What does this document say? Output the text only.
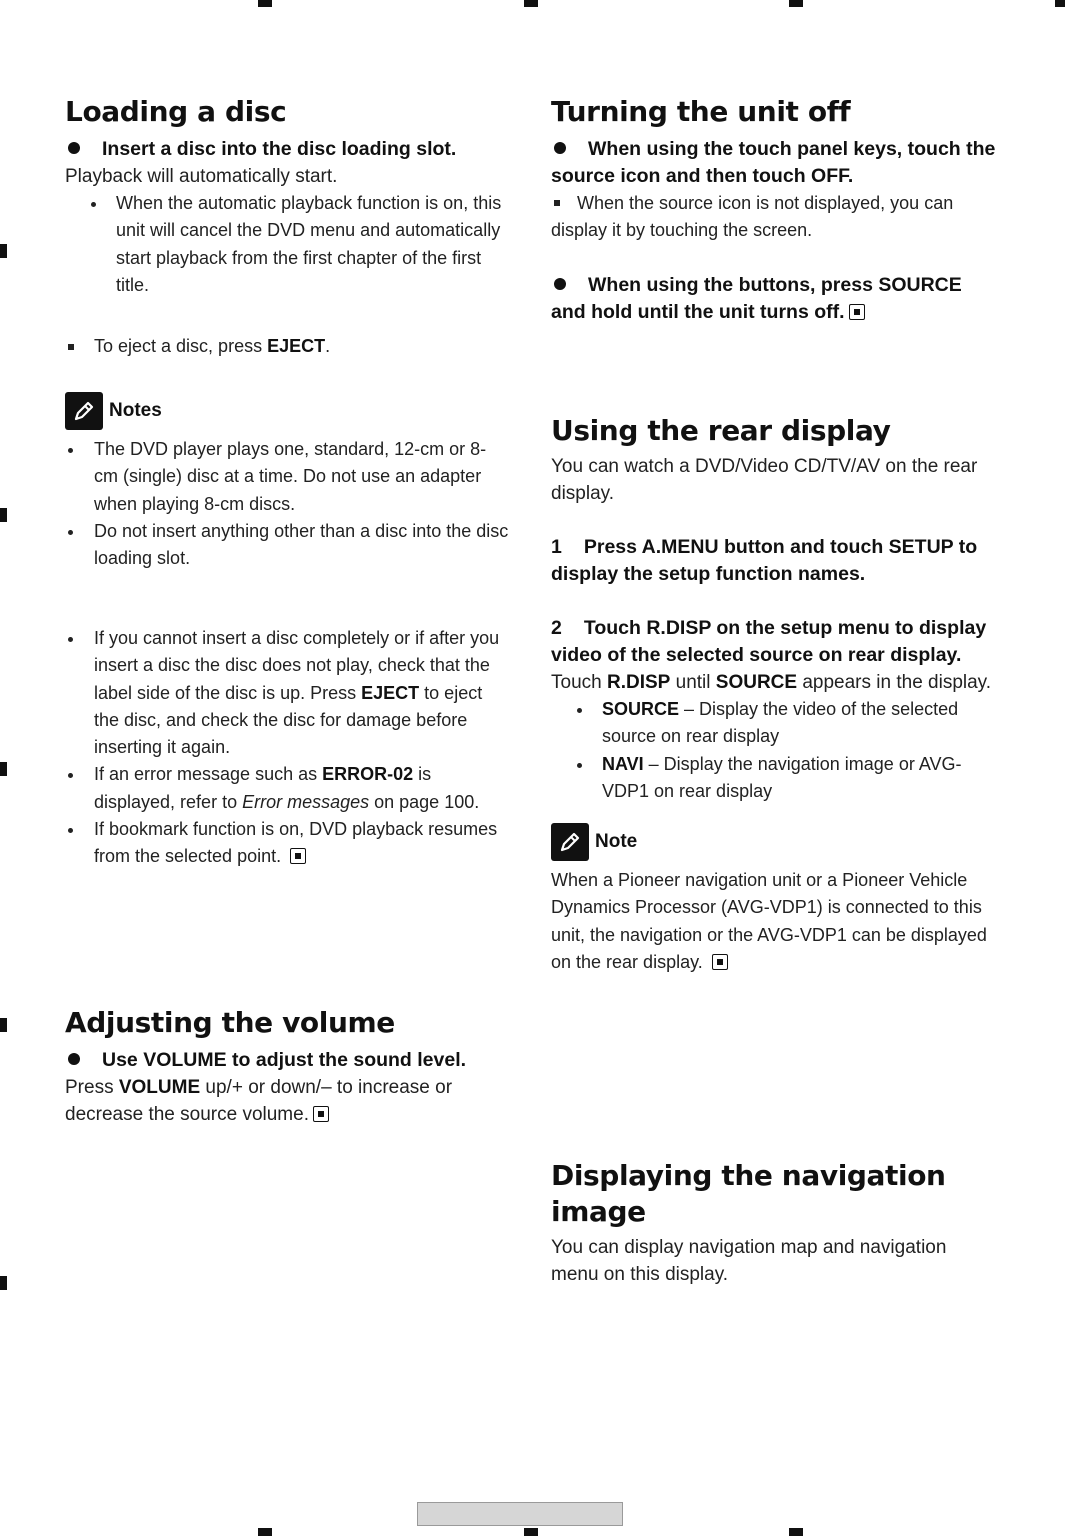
Loading a disc

Insert a disc into the disc loading slot.

Playback will automatically start.

When the automatic playback function is on, this unit will cancel the DVD menu and automatically start playback from the first chapter of the first title.

To eject a disc, press EJECT.

Notes

The DVD player plays one, standard, 12-cm or 8-cm (single) disc at a time. Do not use an adapter when playing 8-cm discs.

Do not insert anything other than a disc into the disc loading slot.

If you cannot insert a disc completely or if after you insert a disc the disc does not play, check that the label side of the disc is up. Press EJECT to eject the disc, and check the disc for damage before inserting it again.

If an error message such as ERROR-02 is displayed, refer to Error messages on page 100.

If bookmark function is on, DVD playback resumes from the selected point.

Adjusting the volume

Use VOLUME to adjust the sound level.

Press VOLUME up/+ or down/– to increase or decrease the source volume.

Turning the unit off

When using the touch panel keys, touch the source icon and then touch OFF.

When the source icon is not displayed, you can display it by touching the screen.

When using the buttons, press SOURCE and hold until the unit turns off.

Using the rear display

You can watch a DVD/Video CD/TV/AV on the rear display.

1 Press A.MENU button and touch SETUP to display the setup function names.

2 Touch R.DISP on the setup menu to display video of the selected source on rear display.

Touch R.DISP until SOURCE appears in the display.

SOURCE – Display the video of the selected source on rear display

NAVI – Display the navigation image or AVG-VDP1 on rear display

Note

When a Pioneer navigation unit or a Pioneer Vehicle Dynamics Processor (AVG-VDP1) is connected to this unit, the navigation or the AVG-VDP1 can be displayed on the rear display.

Displaying the navigation image

You can display navigation map and navigation menu on this display.
